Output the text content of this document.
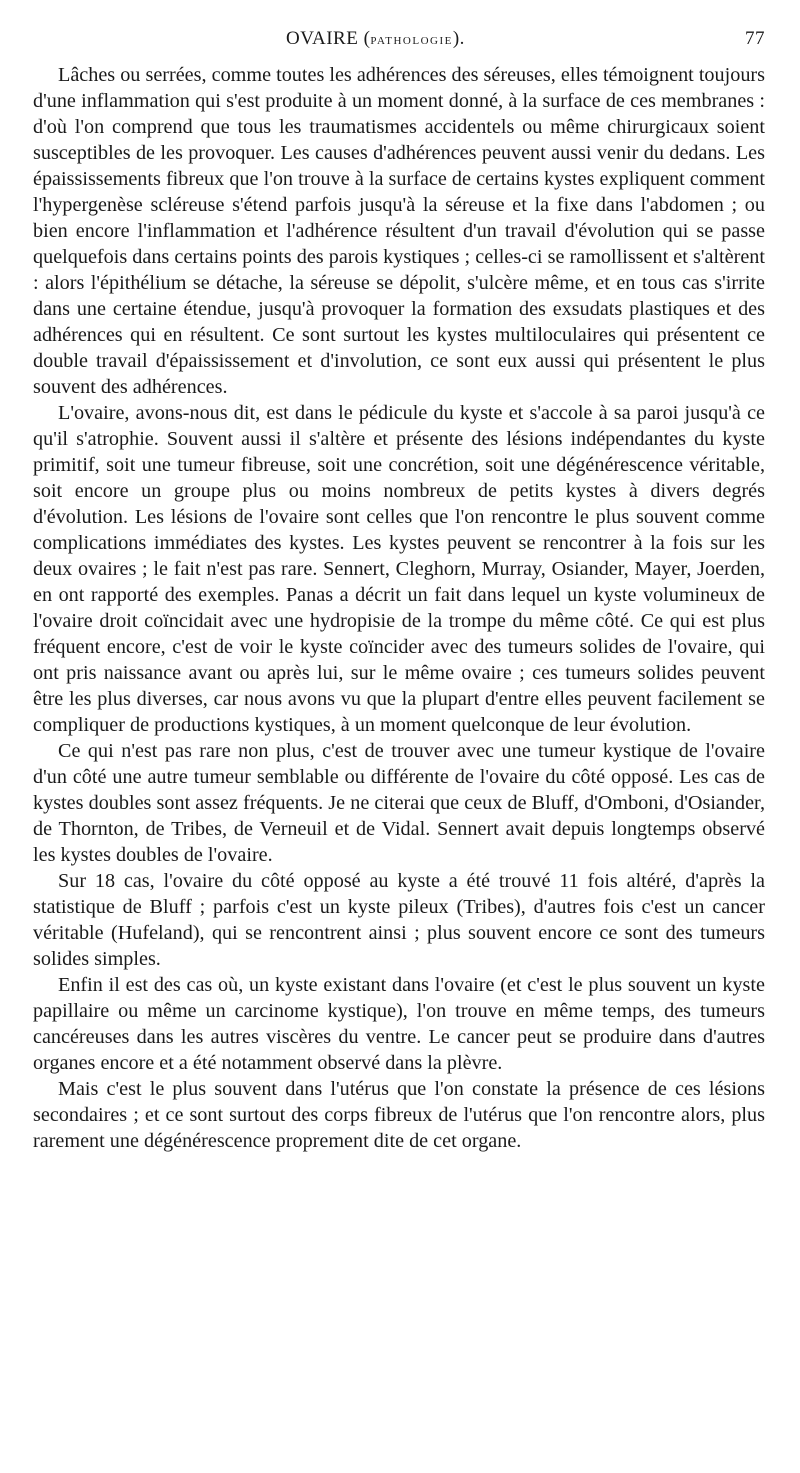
OVAIRE (pathologie).	77

Lâches ou serrées, comme toutes les adhérences des séreuses, elles témoignent toujours d'une inflammation qui s'est produite à un moment donné, à la surface de ces membranes : d'où l'on comprend que tous les traumatismes accidentels ou même chirurgicaux soient susceptibles de les provoquer. Les causes d'adhérences peuvent aussi venir du dedans. Les épaississements fibreux que l'on trouve à la surface de certains kystes expliquent comment l'hypergenèse scléreuse s'étend parfois jusqu'à la séreuse et la fixe dans l'abdomen ; ou bien encore l'inflammation et l'adhérence résultent d'un travail d'évolution qui se passe quelquefois dans certains points des parois kystiques ; celles-ci se ramollissent et s'altèrent : alors l'épithélium se détache, la séreuse se dépolit, s'ulcère même, et en tous cas s'irrite dans une certaine étendue, jusqu'à provoquer la formation des exsudats plastiques et des adhérences qui en résultent. Ce sont surtout les kystes multiloculaires qui présentent ce double travail d'épaississement et d'involution, ce sont eux aussi qui présentent le plus souvent des adhérences.

L'ovaire, avons-nous dit, est dans le pédicule du kyste et s'accole à sa paroi jusqu'à ce qu'il s'atrophie. Souvent aussi il s'altère et présente des lésions indépendantes du kyste primitif, soit une tumeur fibreuse, soit une concrétion, soit une dégénérescence véritable, soit encore un groupe plus ou moins nombreux de petits kystes à divers degrés d'évolution. Les lésions de l'ovaire sont celles que l'on rencontre le plus souvent comme complications immédiates des kystes. Les kystes peuvent se rencontrer à la fois sur les deux ovaires ; le fait n'est pas rare. Sennert, Cleghorn, Murray, Osiander, Mayer, Joerden, en ont rapporté des exemples. Panas a décrit un fait dans lequel un kyste volumineux de l'ovaire droit coïncidait avec une hydropisie de la trompe du même côté. Ce qui est plus fréquent encore, c'est de voir le kyste coïncider avec des tumeurs solides de l'ovaire, qui ont pris naissance avant ou après lui, sur le même ovaire ; ces tumeurs solides peuvent être les plus diverses, car nous avons vu que la plupart d'entre elles peuvent facilement se compliquer de productions kystiques, à un moment quelconque de leur évolution.

Ce qui n'est pas rare non plus, c'est de trouver avec une tumeur kystique de l'ovaire d'un côté une autre tumeur semblable ou différente de l'ovaire du côté opposé. Les cas de kystes doubles sont assez fréquents. Je ne citerai que ceux de Bluff, d'Omboni, d'Osiander, de Thornton, de Tribes, de Verneuil et de Vidal. Sennert avait depuis longtemps observé les kystes doubles de l'ovaire.

Sur 18 cas, l'ovaire du côté opposé au kyste a été trouvé 11 fois altéré, d'après la statistique de Bluff ; parfois c'est un kyste pileux (Tribes), d'autres fois c'est un cancer véritable (Hufeland), qui se rencontrent ainsi ; plus souvent encore ce sont des tumeurs solides simples.

Enfin il est des cas où, un kyste existant dans l'ovaire (et c'est le plus souvent un kyste papillaire ou même un carcinome kystique), l'on trouve en même temps, des tumeurs cancéreuses dans les autres viscères du ventre. Le cancer peut se produire dans d'autres organes encore et a été notamment observé dans la plèvre.

Mais c'est le plus souvent dans l'utérus que l'on constate la présence de ces lésions secondaires ; et ce sont surtout des corps fibreux de l'utérus que l'on rencontre alors, plus rarement une dégénérescence proprement dite de cet organe.
